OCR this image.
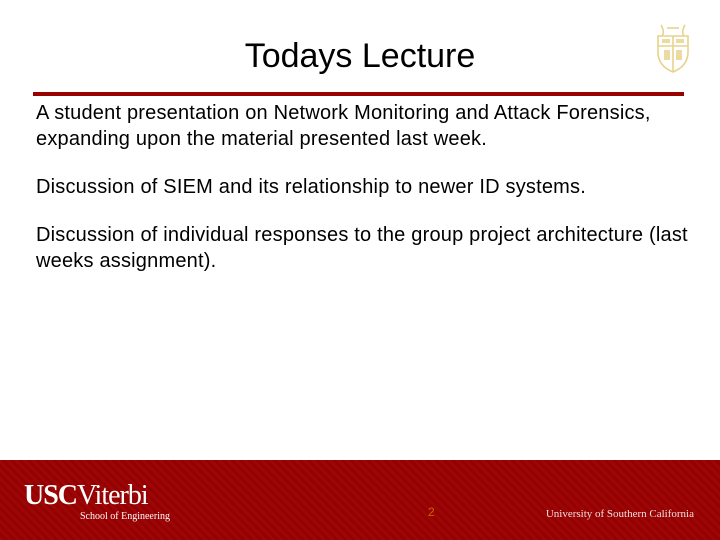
Todays Lecture

A student presentation on Network Monitoring and Attack Forensics, expanding upon the material presented last week.

Discussion of SIEM and its relationship to newer ID systems.

Discussion of individual responses to the group project architecture (last weeks assignment).

USCViterbi
School of Engineering	2	University of Southern California
